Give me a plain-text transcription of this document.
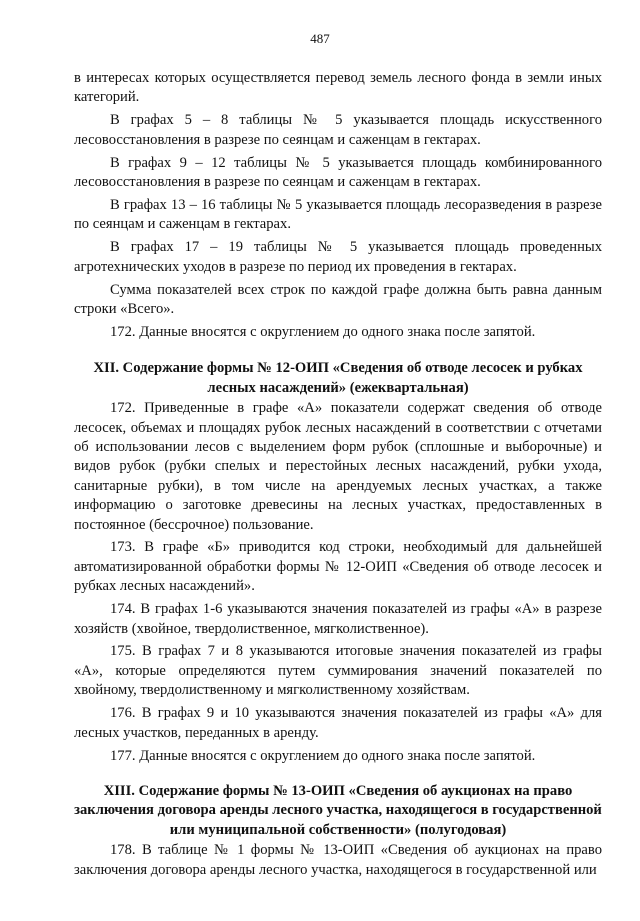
487

в интересах которых осуществляется перевод земель лесного фонда в земли иных категорий.

В графах 5 – 8 таблицы № 5 указывается площадь искусственного лесовосстановления в разрезе по сеянцам и саженцам в гектарах.

В графах 9 – 12 таблицы № 5 указывается площадь комбинированного лесовосстановления в разрезе по сеянцам и саженцам в гектарах.

В графах 13 – 16 таблицы № 5 указывается площадь лесоразведения в разрезе по сеянцам и саженцам в гектарах.

В графах 17 – 19 таблицы № 5 указывается площадь проведенных агротехнических уходов в разрезе по период их проведения в гектарах.

Сумма показателей всех строк по каждой графе должна быть равна данным строки «Всего».

172. Данные вносятся с округлением до одного знака после запятой.

XII. Содержание формы № 12-ОИП «Сведения об отводе лесосек и рубках лесных насаждений» (ежеквартальная)

172. Приведенные в графе «А» показатели содержат сведения об отводе лесосек, объемах и площадях рубок лесных насаждений в соответствии с отчетами об использовании лесов с выделением форм рубок (сплошные и выборочные) и видов рубок (рубки спелых и перестойных лесных насаждений, рубки ухода, санитарные рубки), в том числе на арендуемых лесных участках, а также информацию о заготовке древесины на лесных участках, предоставленных в постоянное (бессрочное) пользование.

173. В графе «Б» приводится код строки, необходимый для дальнейшей автоматизированной обработки формы № 12-ОИП «Сведения об отводе лесосек и рубках лесных насаждений».

174. В графах 1-6 указываются значения показателей из графы «А» в разрезе хозяйств (хвойное, твердолиственное, мягколиственное).

175. В графах 7 и 8 указываются итоговые значения показателей из графы «А», которые определяются путем суммирования значений показателей по хвойному, твердолиственному и мягколиственному хозяйствам.

176. В графах 9 и 10 указываются значения показателей из графы «А» для лесных участков, переданных в аренду.

177. Данные вносятся с округлением до одного знака после запятой.

XIII. Содержание формы № 13-ОИП «Сведения об аукционах на право заключения договора аренды лесного участка, находящегося в государственной или муниципальной собственности» (полугодовая)

178. В таблице № 1 формы № 13-ОИП «Сведения об аукционах на право заключения договора аренды лесного участка, находящегося в государственной или
